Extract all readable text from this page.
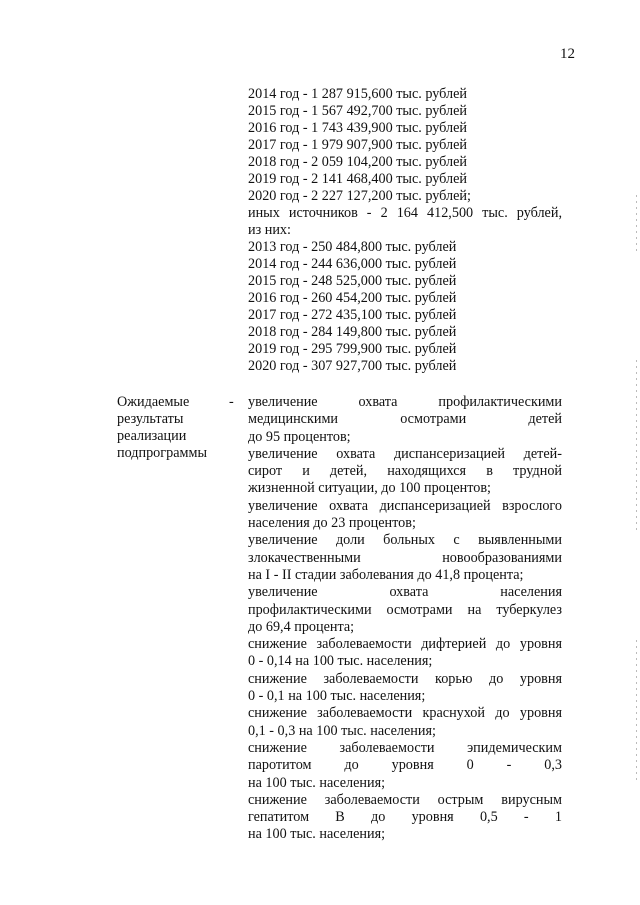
12
2014 год - 1 287 915,600 тыс. рублей
2015 год - 1 567 492,700 тыс. рублей
2016 год - 1 743 439,900 тыс. рублей
2017 год - 1 979 907,900 тыс. рублей
2018 год - 2 059 104,200 тыс. рублей
2019 год - 2 141 468,400 тыс. рублей
2020 год - 2 227 127,200 тыс. рублей;
иных источников - 2 164 412,500 тыс. рублей,
из них:
2013 год - 250 484,800 тыс. рублей
2014 год - 244 636,000 тыс. рублей
2015 год - 248 525,000 тыс. рублей
2016 год - 260 454,200 тыс. рублей
2017 год - 272 435,100 тыс. рублей
2018 год - 284 149,800 тыс. рублей
2019 год - 295 799,900 тыс. рублей
2020 год - 307 927,700 тыс. рублей
Ожидаемые
результаты
реализации
подпрограммы
- увеличение охвата профилактическими
медицинскими осмотрами детей
до 95 процентов;
увеличение охвата диспансеризацией детей-
сирот и детей, находящихся в трудной
жизненной ситуации, до 100 процентов;
увеличение охвата диспансеризацией взрослого
населения до 23 процентов;
увеличение доли больных с выявленными
злокачественными новообразованиями
на I - II стадии заболевания до 41,8 процента;
увеличение охвата населения
профилактическими осмотрами на туберкулез
до 69,4 процента;
снижение заболеваемости дифтерией до уровня
0 - 0,14 на 100 тыс. населения;
снижение заболеваемости корью до уровня
0 - 0,1 на 100 тыс. населения;
снижение заболеваемости краснухой до уровня
0,1 - 0,3 на 100 тыс. населения;
снижение заболеваемости эпидемическим
паротитом до уровня 0 - 0,3
на 100 тыс. населения;
снижение заболеваемости острым вирусным
гепатитом В до уровня 0,5 - 1
на 100 тыс. населения;
